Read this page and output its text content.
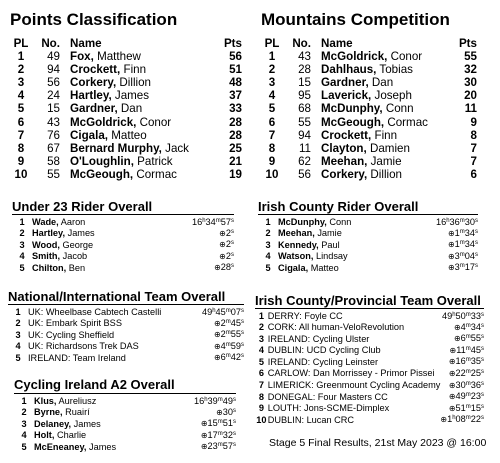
Points Classification
PL	No.	Name	Pts
1	49	Fox, Matthew	56
2	94	Crockett, Finn	51
3	56	Corkery, Dillion	48
4	24	Hartley, James	37
5	15	Gardner, Dan	33
6	43	McGoldrick, Conor	28
7	76	Cigala, Matteo	28
8	67	Bernard Murphy, Jack	25
9	58	O'Loughlin, Patrick	21
10	55	McGeough, Cormac	19
Mountains Competition
PL	No.	Name	Pts
1	43	McGoldrick, Conor	55
2	28	Dahlhaus, Tobias	32
3	15	Gardner, Dan	30
4	95	Laverick, Joseph	20
5	68	McDunphy, Conn	11
6	55	McGeough, Cormac	9
7	94	Crockett, Finn	8
8	11	Clayton, Damien	7
9	62	Meehan, Jamie	7
10	56	Corkery, Dillion	6
Under 23 Rider Overall
1	Wade, Aaron	16$^h$34$^m$57$^s$
2	Hartley, James	⊕2$^s$
3	Wood, George	⊕2$^s$
4	Smith, Jacob	⊕2$^s$
5	Chilton, Ben	⊕28$^s$
Irish County Rider Overall
1	McDunphy, Conn	16$^h$36$^m$30$^s$
2	Meehan, Jamie	⊕1$^m$34$^s$
3	Kennedy, Paul	⊕1$^m$34$^s$
4	Watson, Lindsay	⊕3$^m$04$^s$
5	Cigala, Matteo	⊕3$^m$17$^s$
National/International Team Overall
1	UK: Wheelbase Cabtech Castelli	49$^h$45$^m$07$^s$
2	UK: Embark Spirit BSS	⊕2$^m$45$^s$
3	UK: Cycling Sheffield	⊕2$^m$55$^s$
4	UK: Richardsons Trek DAS	⊕4$^m$59$^s$
5	IRELAND: Team Ireland	⊕6$^m$42$^s$
Irish County/Provincial Team Overall
1	DERRY: Foyle CC	49$^h$50$^m$33$^s$
2	CORK: All human-VeloRevolution	⊕4$^m$34$^s$
3	IRELAND: Cycling Ulster	⊕6$^m$55$^s$
4	DUBLIN: UCD Cycling Club	⊕11$^m$45$^s$
5	IRELAND: Cycling Leinster	⊕16$^m$35$^s$
6	CARLOW: Dan Morrissey - Primor Pissei	⊕22$^m$25$^s$
7	LIMERICK: Greenmount Cycling Academy	⊕30$^m$36$^s$
8	DONEGAL: Four Masters CC	⊕49$^m$23$^s$
9	LOUTH: Jons-SCME-Dimplex	⊕51$^m$15$^s$
10	DUBLIN: Lucan CRC	⊕1$^h$08$^m$22$^s$
Cycling Ireland A2 Overall
1	Klus, Aureliusz	16$^h$39$^m$49$^s$
2	Byrne, Ruairí	⊕30$^s$
3	Delaney, James	⊕15$^m$51$^s$
4	Holt, Charlie	⊕17$^m$32$^s$
5	McEneaney, James	⊕23$^m$57$^s$	Stage 5 Final Results, 21st May 2023 @ 16:00
